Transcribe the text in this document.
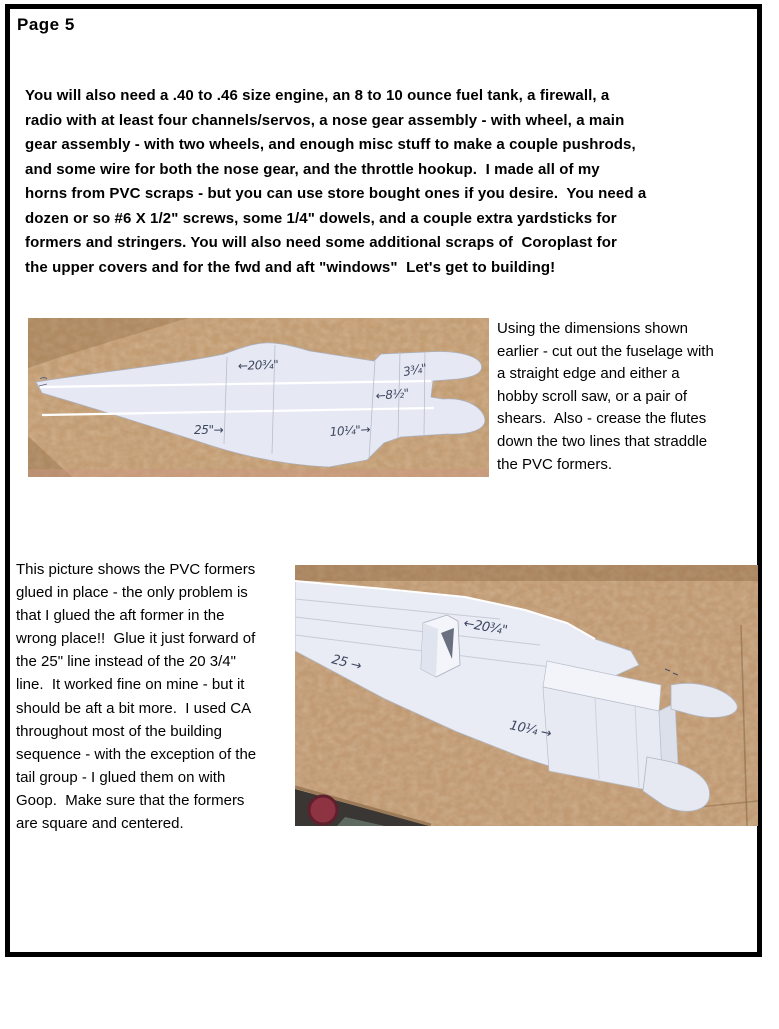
Page 5
You will also need a .40 to .46 size engine, an 8 to 10 ounce fuel tank, a firewall, a
radio with at least four channels/servos, a nose gear assembly - with wheel, a main
gear assembly - with two wheels, and enough misc stuff to make a couple pushrods,
and some wire for both the nose gear, and the throttle hookup.  I made all of my
horns from PVC scraps - but you can use store bought ones if you desire.  You need a
dozen or so #6 X 1/2" screws, some 1/4" dowels, and a couple extra yardsticks for
formers and stringers. You will also need some additional scraps of  Coroplast for
the upper covers and for the fwd and aft "windows"  Let's get to building!
←20¾"	3¾"
←8½"
25"→	10¼"→
Using the dimensions shown
earlier - cut out the fuselage with
a straight edge and either a
hobby scroll saw, or a pair of
shears.  Also - crease the flutes
down the two lines that straddle
the PVC formers.
This picture shows the PVC formers
glued in place - the only problem is
that I glued the aft former in the
wrong place!!  Glue it just forward of
the 25" line instead of the 20 3/4"
line.  It worked fine on mine - but it
should be aft a bit more.  I used CA
throughout most of the building
sequence - with the exception of the
tail group - I glued them on with
Goop.  Make sure that the formers
are square and centered.
25 →
←20¾"
10¼ →
